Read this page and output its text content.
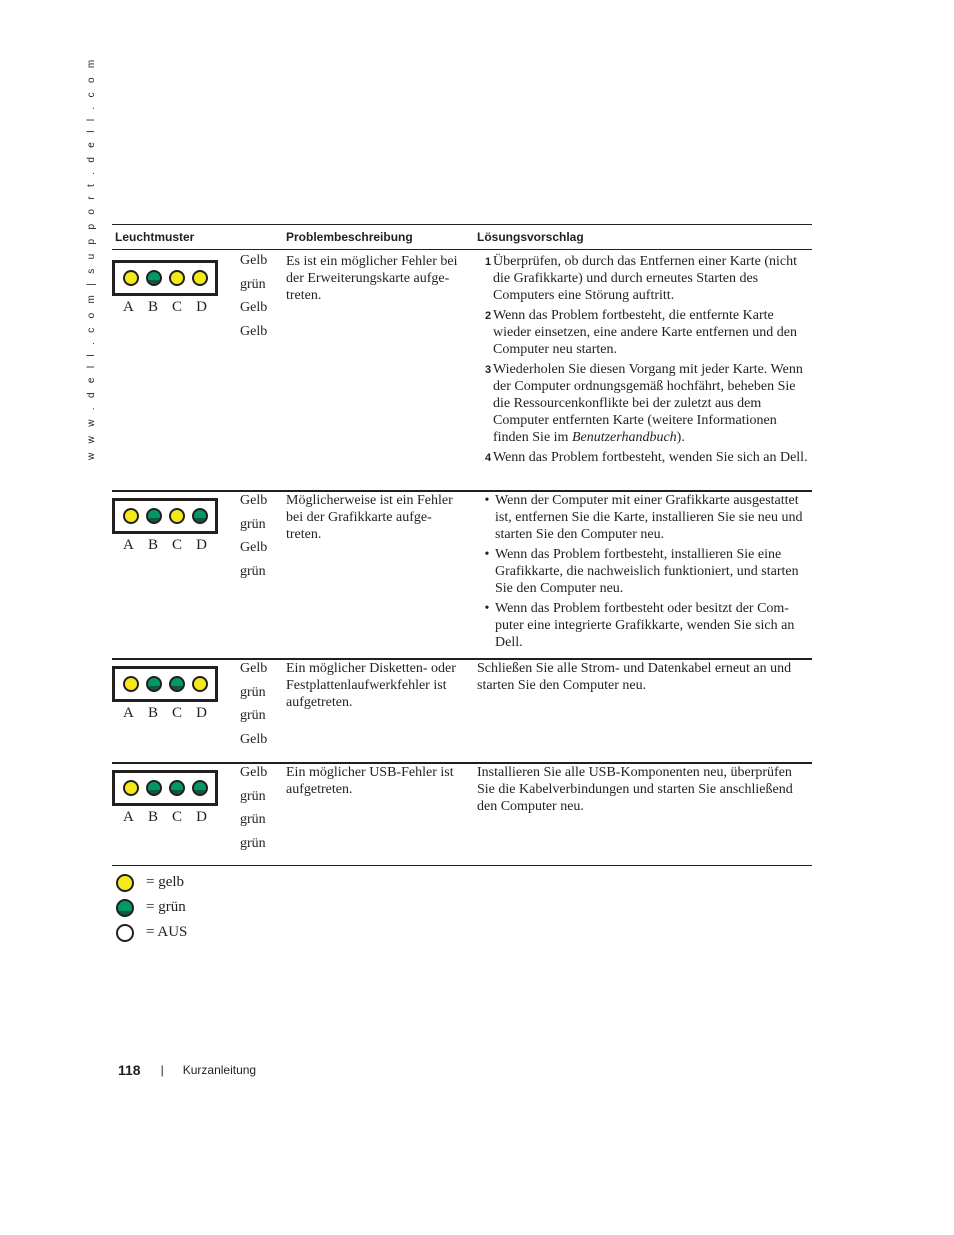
w w w . d e l l . c o m | s u p p o r t . d e l l . c o m Leuchtmuster	Problembeschreibung	Lösungsvorschlag
A B C D
Gelb
grün
Gelb
Gelb
Es ist ein möglicher Fehler bei der Erweiterungskarte aufge-treten.
1 Überprüfen, ob durch das Entfernen einer Karte (nicht die Grafikkarte) und durch erneutes Starten des Computers eine Störung auftritt.
2 Wenn das Problem fortbesteht, die entfernte Karte wieder einsetzen, eine andere Karte entfernen und den Computer neu starten.
3 Wiederholen Sie diesen Vorgang mit jeder Karte. Wenn der Computer ordnungsgemäß hochfährt, beheben Sie die Ressourcenkonflikte bei der zuletzt aus dem Computer entfernten Karte (weitere Informationen finden Sie im Benutzerhandbuch).
4 Wenn das Problem fortbesteht, wenden Sie sich an Dell.
A B C D
Gelb
grün
Gelb
grün
Möglicherweise ist ein Fehler bei der Grafikkarte aufge-treten.
• Wenn der Computer mit einer Grafikkarte ausgestattet ist, entfernen Sie die Karte, installieren Sie sie neu und starten Sie den Computer neu.
• Wenn das Problem fortbesteht, installieren Sie eine Grafikkarte, die nachweislich funktioniert, und starten Sie den Computer neu.
• Wenn das Problem fortbesteht oder besitzt der Com-puter eine integrierte Grafikkarte, wenden Sie sich an Dell.
A B C D
Gelb
grün
grün
Gelb
Ein möglicher Disketten- oder Festplattenlaufwerkfehler ist aufgetreten.
Schließen Sie alle Strom- und Datenkabel erneut an und starten Sie den Computer neu.
A B C D
Gelb
grün
grün
grün
Ein möglicher USB-Fehler ist aufgetreten.
Installieren Sie alle USB-Komponenten neu, überprüfen Sie die Kabelverbindungen und starten Sie anschließend den Computer neu.
= gelb
= grün
= AUS
118 | Kurzanleitung
